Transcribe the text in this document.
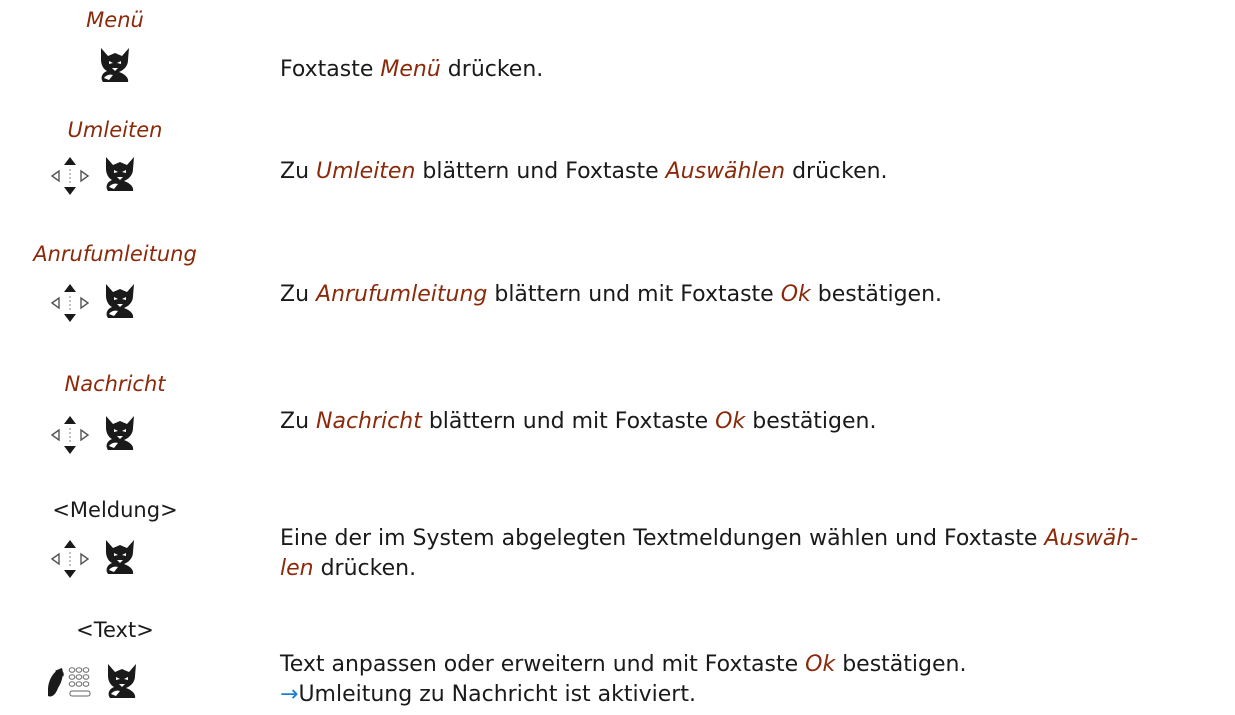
Menü
Foxtaste Menü drücken.
Umleiten
Zu Umleiten blättern und Foxtaste Auswählen drücken.
Anrufumleitung
Zu Anrufumleitung blättern und mit Foxtaste Ok bestätigen.
Nachricht
Zu Nachricht blättern und mit Foxtaste Ok bestätigen.
<Meldung>
Eine der im System abgelegten Textmeldungen wählen und Foxtaste Auswäh-
len drücken.
<Text>
Text anpassen oder erweitern und mit Foxtaste Ok bestätigen.
→Umleitung zu Nachricht ist aktiviert.
